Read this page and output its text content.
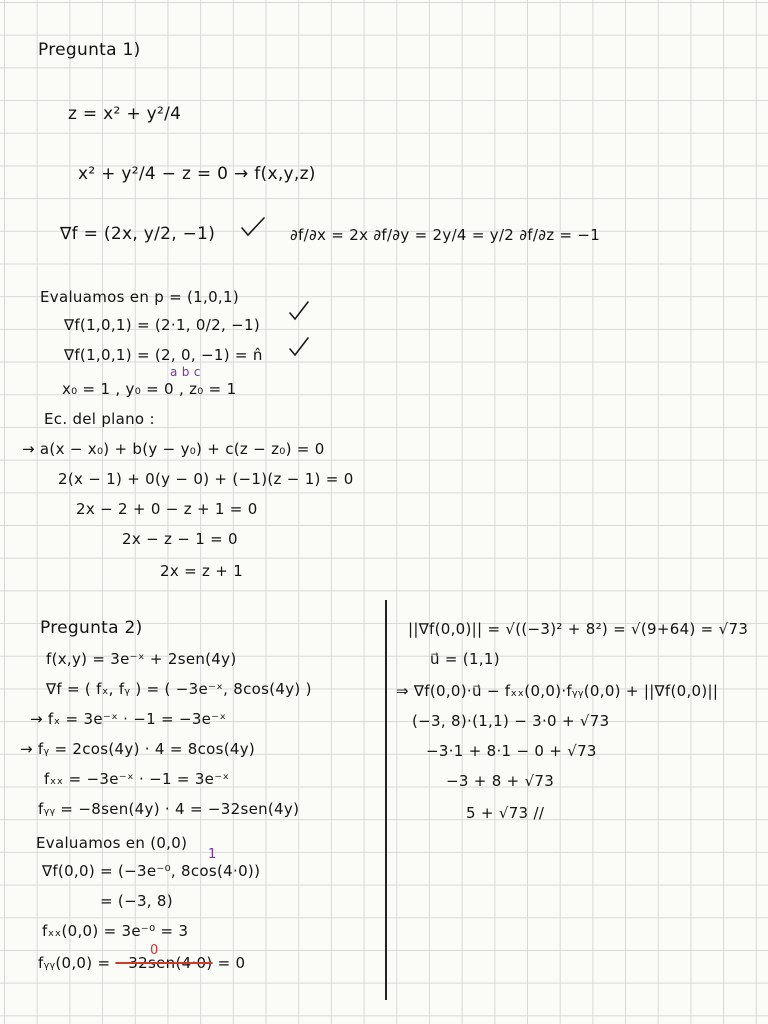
Pregunta 1)
z = x² + y²/4
x² + y²/4 − z = 0 → f(x,y,z)
∇f = (2x, y/2, −1)	∂f/∂x = 2x ∂f/∂y = 2y/4 = y/2 ∂f/∂z = −1
Evaluamos en p = (1,0,1)
∇f(1,0,1) = (2·1, 0/2, −1)
∇f(1,0,1) = (2, 0, −1) = n̂
a b c
x₀ = 1 , y₀ = 0 , z₀ = 1
Ec. del plano :
→ a(x − x₀) + b(y − y₀) + c(z − z₀) = 0
2(x − 1) + 0(y − 0) + (−1)(z − 1) = 0
2x − 2 + 0 − z + 1 = 0
2x − z − 1 = 0
2x = z + 1
Pregunta 2)
f(x,y) = 3e⁻ˣ + 2sen(4y)
∇f = ( fₓ, fᵧ ) = ( −3e⁻ˣ, 8cos(4y) )
→ fₓ = 3e⁻ˣ · −1 = −3e⁻ˣ
→ fᵧ = 2cos(4y) · 4 = 8cos(4y)
fₓₓ = −3e⁻ˣ · −1 = 3e⁻ˣ
fᵧᵧ = −8sen(4y) · 4 = −32sen(4y)
Evaluamos en (0,0)
1
∇f(0,0) = (−3e⁻⁰, 8cos(4·0))
= (−3, 8)
fₓₓ(0,0) = 3e⁻⁰ = 3
0
fᵧᵧ(0,0) = −32sen(4·0) = 0
||∇f(0,0)|| = √((−3)² + 8²) = √(9+64) = √73
u⃗ = (1,1)
⇒ ∇f(0,0)·u⃗ − fₓₓ(0,0)·fᵧᵧ(0,0) + ||∇f(0,0)||
(−3, 8)·(1,1) − 3·0 + √73
−3·1 + 8·1 − 0 + √73
−3 + 8 + √73
5 + √73 //
